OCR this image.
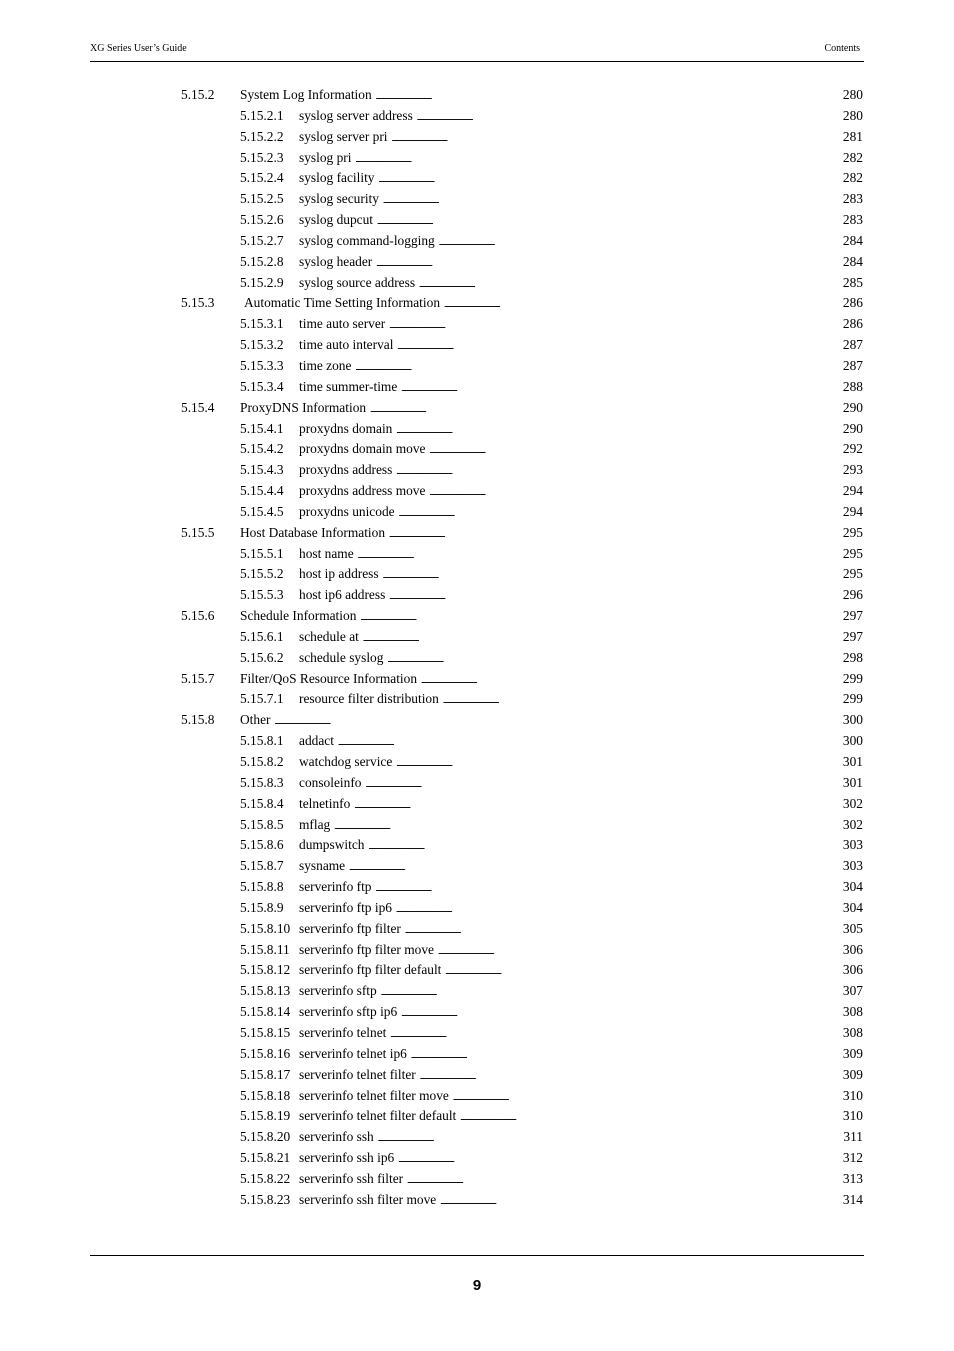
XG Series User’s Guide	Contents
5.15.2 System Log Information . . .	280
5.15.2.1 syslog server address . . .	280
5.15.2.2 syslog server pri . . .	281
5.15.2.3 syslog pri . . .	282
5.15.2.4 syslog facility . . .	282
5.15.2.5 syslog security . . .	283
5.15.2.6 syslog dupcut . . .	283
5.15.2.7 syslog command-logging . . .	284
5.15.2.8 syslog header . . .	284
5.15.2.9 syslog source address . . .	285
5.15.3 Automatic Time Setting Information . . .	286
5.15.3.1 time auto server . . .	286
5.15.3.2 time auto interval . . .	287
5.15.3.3 time zone . . .	287
5.15.3.4 time summer-time . . .	288
5.15.4 ProxyDNS Information . . .	290
5.15.4.1 proxydns domain . . .	290
5.15.4.2 proxydns domain move . . .	292
5.15.4.3 proxydns address . . .	293
5.15.4.4 proxydns address move . . .	294
5.15.4.5 proxydns unicode . . .	294
5.15.5 Host Database Information . . .	295
5.15.5.1 host name . . .	295
5.15.5.2 host ip address . . .	295
5.15.5.3 host ip6 address . . .	296
5.15.6 Schedule Information . . .	297
5.15.6.1 schedule at . . .	297
5.15.6.2 schedule syslog . . .	298
5.15.7 Filter/QoS Resource Information . . .	299
5.15.7.1 resource filter distribution . . .	299
5.15.8 Other . . .	300
5.15.8.1 addact . . .	300
5.15.8.2 watchdog service . . .	301
5.15.8.3 consoleinfo . . .	301
5.15.8.4 telnetinfo . . .	302
5.15.8.5 mflag . . .	302
5.15.8.6 dumpswitch . . .	303
5.15.8.7 sysname . . .	303
5.15.8.8 serverinfo ftp . . .	304
5.15.8.9 serverinfo ftp ip6 . . .	304
5.15.8.10 serverinfo ftp filter . . .	305
5.15.8.11 serverinfo ftp filter move . . .	306
5.15.8.12 serverinfo ftp filter default . . .	306
5.15.8.13 serverinfo sftp . . .	307
5.15.8.14 serverinfo sftp ip6 . . .	308
5.15.8.15 serverinfo telnet . . .	308
5.15.8.16 serverinfo telnet ip6 . . .	309
5.15.8.17 serverinfo telnet filter . . .	309
5.15.8.18 serverinfo telnet filter move . . .	310
5.15.8.19 serverinfo telnet filter default . . .	310
5.15.8.20 serverinfo ssh . . .	311
5.15.8.21 serverinfo ssh ip6 . . .	312
5.15.8.22 serverinfo ssh filter . . .	313
5.15.8.23 serverinfo ssh filter move . . .	314
9
